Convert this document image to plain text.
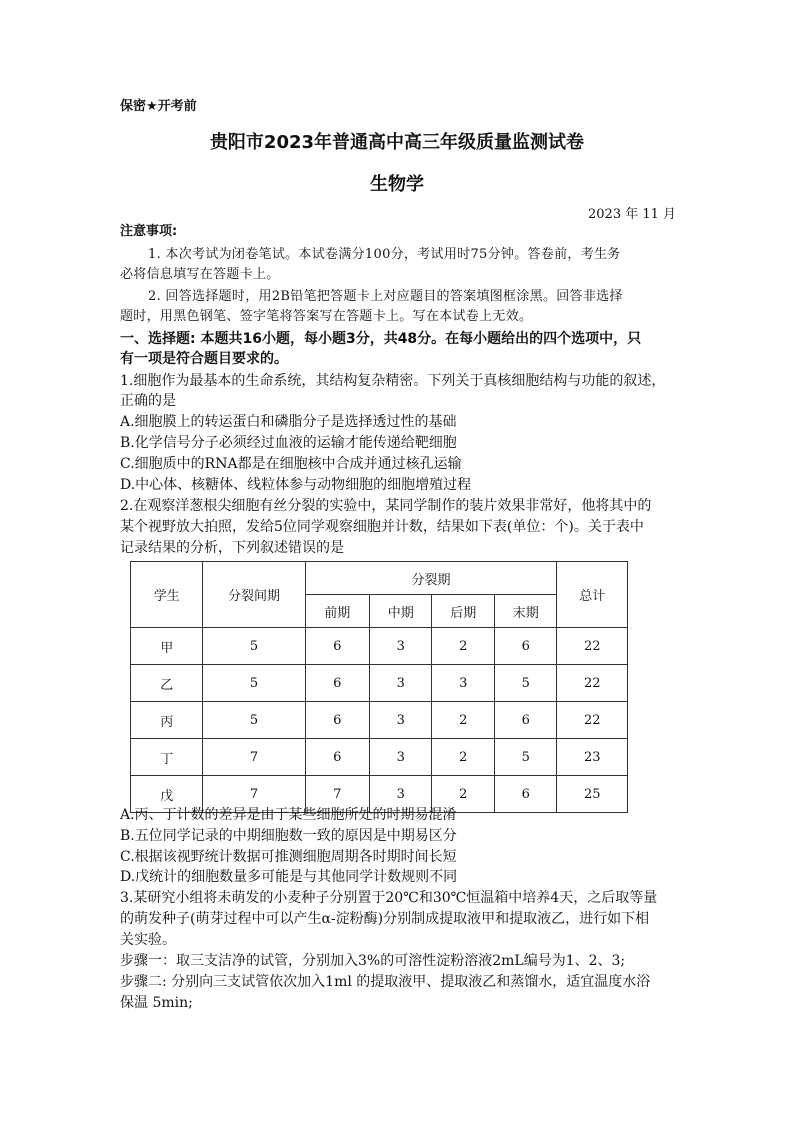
保密★开考前
贵阳市2023年普通高中高三年级质量监测试卷
生物学
2023 年 11 月
注意事项:
1. 本次考试为闭卷笔试。本试卷满分100分，考试用时75分钟。答卷前，考生务
必将信息填写在答题卡上。
2. 回答选择题时，用2B铅笔把答题卡上对应题目的答案填图框涂黑。回答非选择
题时，用黑色钢笔、签字笔将答案写在答题卡上。写在本试卷上无效。
一、选择题: 本题共16小题，每小题3分，共48分。在每小题给出的四个选项中，只
有一项是符合题目要求的。
1.细胞作为最基本的生命系统，其结构复杂精密。下列关于真核细胞结构与功能的叙述，
正确的是
A.细胞膜上的转运蛋白和磷脂分子是选择透过性的基础
B.化学信号分子必须经过血液的运输才能传递给靶细胞
C.细胞质中的RNA都是在细胞核中合成并通过核孔运输
D.中心体、核糖体、线粒体参与动物细胞的细胞增殖过程
2.在观察洋葱根尖细胞有丝分裂的实验中，某同学制作的装片效果非常好，他将其中的
某个视野放大拍照，发给5位同学观察细胞并计数，结果如下表(单位：个)。关于表中
记录结果的分析，下列叙述错误的是
学生	分裂间期	分裂期				总计
		前期	中期	后期	末期	
甲	5	6	3	2	6	22
乙	5	6	3	3	5	22
丙	5	6	3	2	6	22
丁	7	6	3	2	5	23
戊	7	7	3	2	6	25
A.丙、丁计数的差异是由于某些细胞所处的时期易混淆
B.五位同学记录的中期细胞数一致的原因是中期易区分
C.根据该视野统计数据可推测细胞周期各时期时间长短
D.戊统计的细胞数量多可能是与其他同学计数规则不同
3.某研究小组将未萌发的小麦种子分别置于20℃和30℃恒温箱中培养4天，之后取等量
的萌发种子(萌芽过程中可以产生α-淀粉酶)分别制成提取液甲和提取液乙，进行如下相
关实验。
步骤一：取三支洁净的试管，分别加入3%的可溶性淀粉溶液2mL编号为1、2、3;
步骤二: 分别向三支试管依次加入1ml 的提取液甲、提取液乙和蒸馏水，适宜温度水浴
保温 5min;
